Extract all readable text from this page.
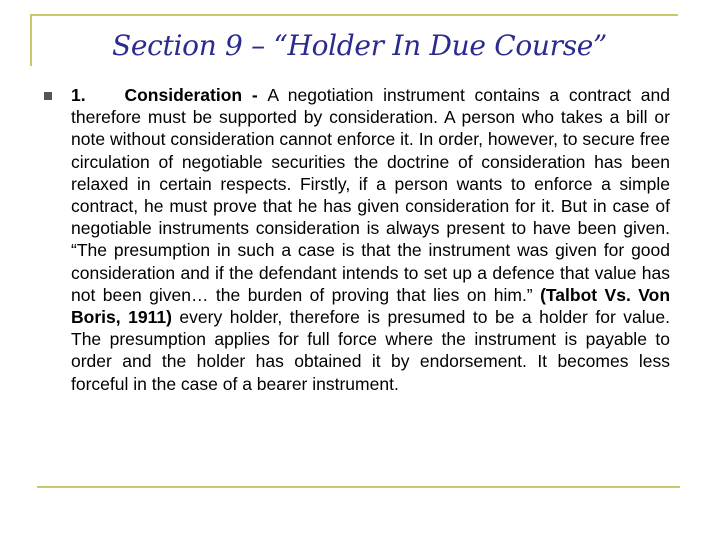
Section 9 – “Holder In Due Course”

1. Consideration - A negotiation instrument contains a contract and therefore must be supported by consideration. A person who takes a bill or note without consideration cannot enforce it. In order, however, to secure free circulation of negotiable securities the doctrine of consideration has been relaxed in certain respects. Firstly, if a person wants to enforce a simple contract, he must prove that he has given consideration for it. But in case of negotiable instruments consideration is always present to have been given. “The presumption in such a case is that the instrument was given for good consideration and if the defendant intends to set up a defence that value has not been given… the burden of proving that lies on him.” (Talbot Vs. Von Boris, 1911) every holder, therefore is presumed to be a holder for value. The presumption applies for full force where the instrument is payable to order and the holder has obtained it by endorsement. It becomes less forceful in the case of a bearer instrument.
